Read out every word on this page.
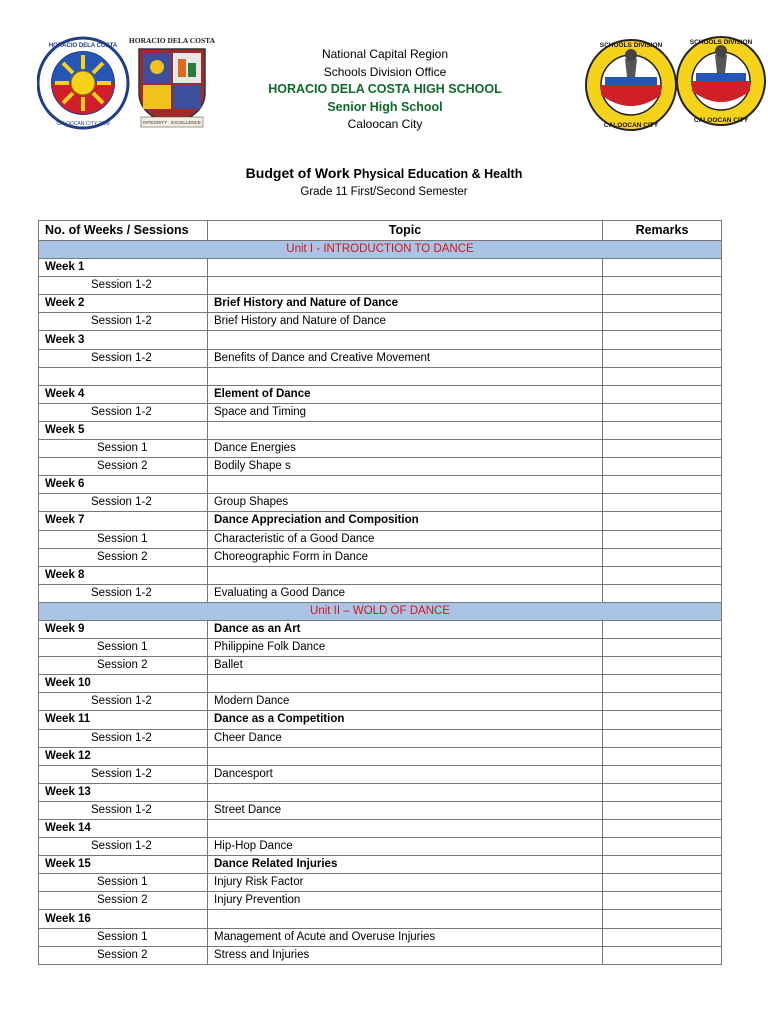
HORACIO DELA COSTA
CALOOCAN CITY 2008
HORACIO DELA COSTA
INTEGRITY · EXCELLENCE
SCHOOLS DIVISION
CALOOCAN CITY
SCHOOLS DIVISION
CALOOCAN CITY
National Capital Region
Schools Division Office
HORACIO DELA COSTA HIGH SCHOOL
Senior High School
Caloocan City
Budget of Work Physical Education & Health
Grade 11 First/Second Semester
No. of Weeks / Sessions	Topic	Remarks
Unit I - INTRODUCTION TO DANCE		
Week 1		
Session 1-2		
Week 2	Brief History and Nature of Dance	
Session 1-2	Brief History and Nature of Dance	
Week 3		
Session 1-2	Benefits of Dance and Creative Movement	

Week 4	Element of Dance	
Session 1-2	Space and Timing	
Week 5		
Session 1	Dance Energies	
Session 2	Bodily Shape s	
Week 6		
Session 1-2	Group Shapes	
Week 7	Dance Appreciation and Composition	
Session 1	Characteristic of a Good Dance	
Session 2	Choreographic Form in Dance	
Week 8		
Session 1-2	Evaluating a Good Dance	
Unit II – WOLD OF DANCE		
Week 9	Dance as an Art	
Session 1	Philippine Folk Dance	
Session 2	Ballet	
Week 10		
Session 1-2	Modern Dance	
Week 11	Dance as a Competition	
Session 1-2	Cheer Dance	
Week 12		
Session 1-2	Dancesport	
Week 13		
Session 1-2	Street Dance	
Week 14		
Session 1-2	Hip-Hop Dance	
Week 15	Dance Related Injuries	
Session 1	Injury Risk Factor	
Session 2	Injury Prevention	
Week 16		
Session 1	Management of Acute and Overuse Injuries	
Session 2	Stress and Injuries	
